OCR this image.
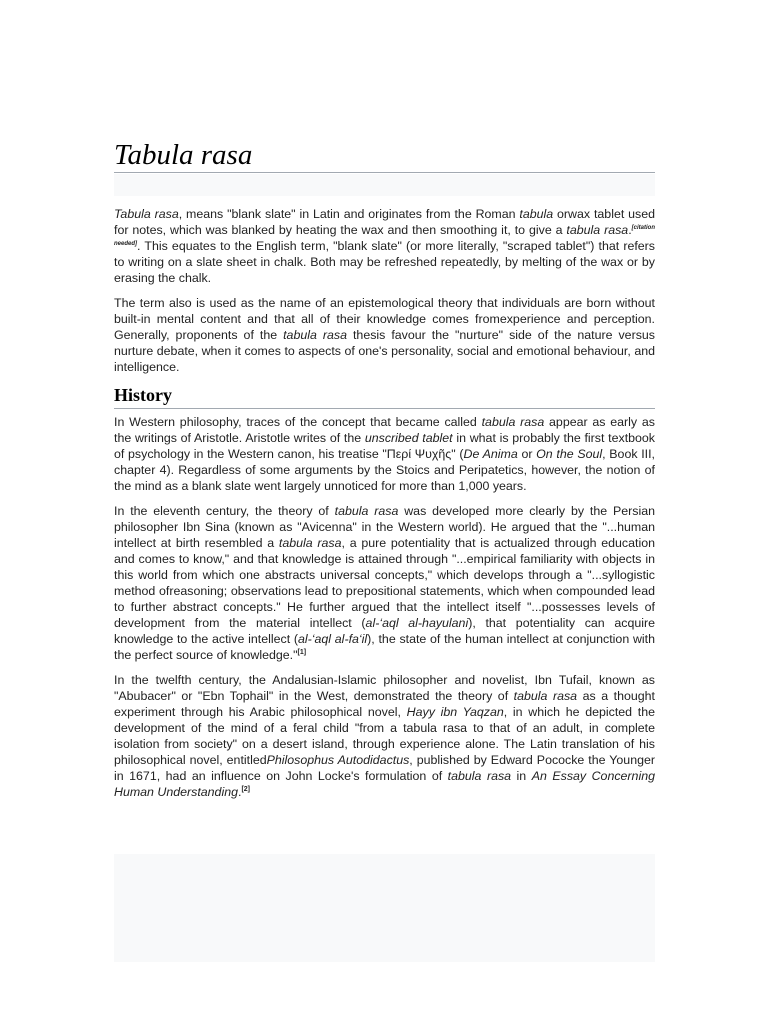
Tabula rasa

Tabula rasa, means "blank slate" in Latin and originates from the Roman tabula orwax tablet used for notes, which was blanked by heating the wax and then smoothing it, to give a tabula rasa.[citation needed]. This equates to the English term, "blank slate" (or more literally, "scraped tablet") that refers to writing on a slate sheet in chalk. Both may be refreshed repeatedly, by melting of the wax or by erasing the chalk.

The term also is used as the name of an epistemological theory that individuals are born without built-in mental content and that all of their knowledge comes fromexperience and perception. Generally, proponents of the tabula rasa thesis favour the "nurture" side of the nature versus nurture debate, when it comes to aspects of one's personality, social and emotional behaviour, and intelligence.

History

In Western philosophy, traces of the concept that became called tabula rasa appear as early as the writings of Aristotle. Aristotle writes of the unscribed tablet in what is probably the first textbook of psychology in the Western canon, his treatise "Περί Ψυχῆς" (De Anima or On the Soul, Book III, chapter 4). Regardless of some arguments by the Stoics and Peripatetics, however, the notion of the mind as a blank slate went largely unnoticed for more than 1,000 years.

In the eleventh century, the theory of tabula rasa was developed more clearly by the Persian philosopher Ibn Sina (known as "Avicenna" in the Western world). He argued that the "...human intellect at birth resembled a tabula rasa, a pure potentiality that is actualized through education and comes to know," and that knowledge is attained through "...empirical familiarity with objects in this world from which one abstracts universal concepts," which develops through a "...syllogistic method ofreasoning; observations lead to prepositional statements, which when compounded lead to further abstract concepts." He further argued that the intellect itself "...possesses levels of development from the material intellect (al-‘aql al-hayulani), that potentiality can acquire knowledge to the active intellect (al-‘aql al-fa‘il), the state of the human intellect at conjunction with the perfect source of knowledge."[1]

In the twelfth century, the Andalusian-Islamic philosopher and novelist, Ibn Tufail, known as "Abubacer" or "Ebn Tophail" in the West, demonstrated the theory of tabula rasa as a thought experiment through his Arabic philosophical novel, Hayy ibn Yaqzan, in which he depicted the development of the mind of a feral child "from a tabula rasa to that of an adult, in complete isolation from society" on a desert island, through experience alone. The Latin translation of his philosophical novel, entitledPhilosophus Autodidactus, published by Edward Pococke the Younger in 1671, had an influence on John Locke's formulation of tabula rasa in An Essay Concerning Human Understanding.[2]
